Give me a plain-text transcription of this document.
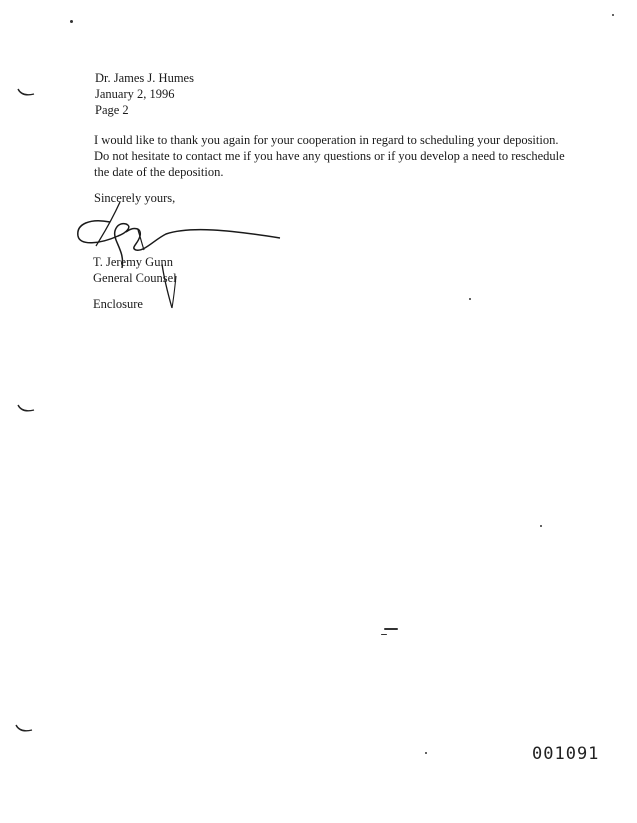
Dr. James J. Humes
January 2, 1996
Page 2
I would like to thank you again for your cooperation in regard to scheduling your deposition. Do not hesitate to contact me if you have any questions or if you develop a need to reschedule the date of the deposition.
Sincerely yours,
T. Jeremy Gunn
General Counsel
Enclosure
001091
